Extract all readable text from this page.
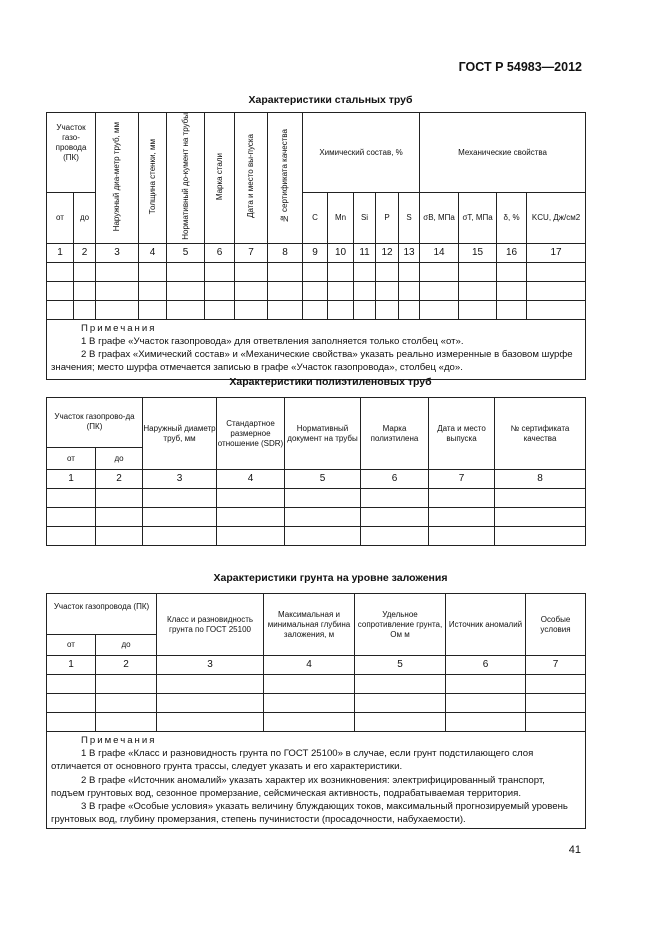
ГОСТ Р 54983—2012
Характеристики стальных труб
Участок газо-провода (ПК)		Наружный диа-метр труб, мм	Толщина стенки, мм	Нормативный до-кумент на трубы	Марка стали	Дата и место вы-пуска	№ сертификата качества	Химический состав, %					Механические свойства			
от	до							C	Mn	Si	P	S	σВ, МПа	σТ, МПа	δ, %	KCU, Дж/см2
1	2	3	4	5	6	7	8	9	10	11	12	13	14	15	16	17

Примечания
1 В графе «Участок газопровода» для ответвления заполняется только столбец «от».
2 В графах «Химический состав» и «Механические свойства» указать реально измеренные в базовом шурфе значения; место шурфа отмечается записью в графе «Участок газопровода», столбец «до».																
Характеристики полиэтиленовых труб
Участок газопрово-да (ПК)		Наружный диаметр труб, мм	Стандартное размерное отношение (SDR)	Нормативный документ на трубы	Марка полиэтилена	Дата и место выпуска	№ сертификата качества
от	до						
1	2	3	4	5	6	7	8

Характеристики грунта на уровне заложения
Участок газопровода (ПК)		Класс и разновидность грунта по ГОСТ 25100	Максимальная и минимальная глубина заложения, м	Удельное сопротивление грунта, Ом м	Источник аномалий	Особые условия
от	до					
1	2	3	4	5	6	7

Примечания
1 В графе «Класс и разновидность грунта по ГОСТ 25100» в случае, если грунт подстилающего слоя отличается от основного грунта трассы, следует указать и его характеристики.
2 В графе «Источник аномалий» указать характер их возникновения: электрифицированный транспорт, подъем грунтовых вод, сезонное промерзание, сейсмическая активность, подрабатываемая территория.
3 В графе «Особые условия» указать величину блуждающих токов, максимальный прогнозируемый уровень грунтовых вод, глубину промерзания, степень пучинистости (просадочности, набухаемости).						
41
